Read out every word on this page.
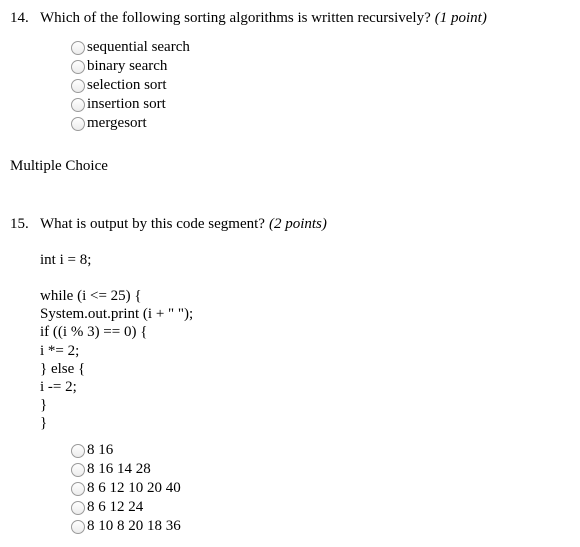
14. Which of the following sorting algorithms is written recursively? (1 point)
sequential search
binary search
selection sort
insertion sort
mergesort
Multiple Choice
15. What is output by this code segment? (2 points)
int i = 8;
while (i <= 25) {
System.out.print (i + " ");
if ((i % 3) == 0) {
i *= 2;
} else {
i -= 2;
}
}
8 16
8 16 14 28
8 6 12 10 20 40
8 6 12 24
8 10 8 20 18 36
